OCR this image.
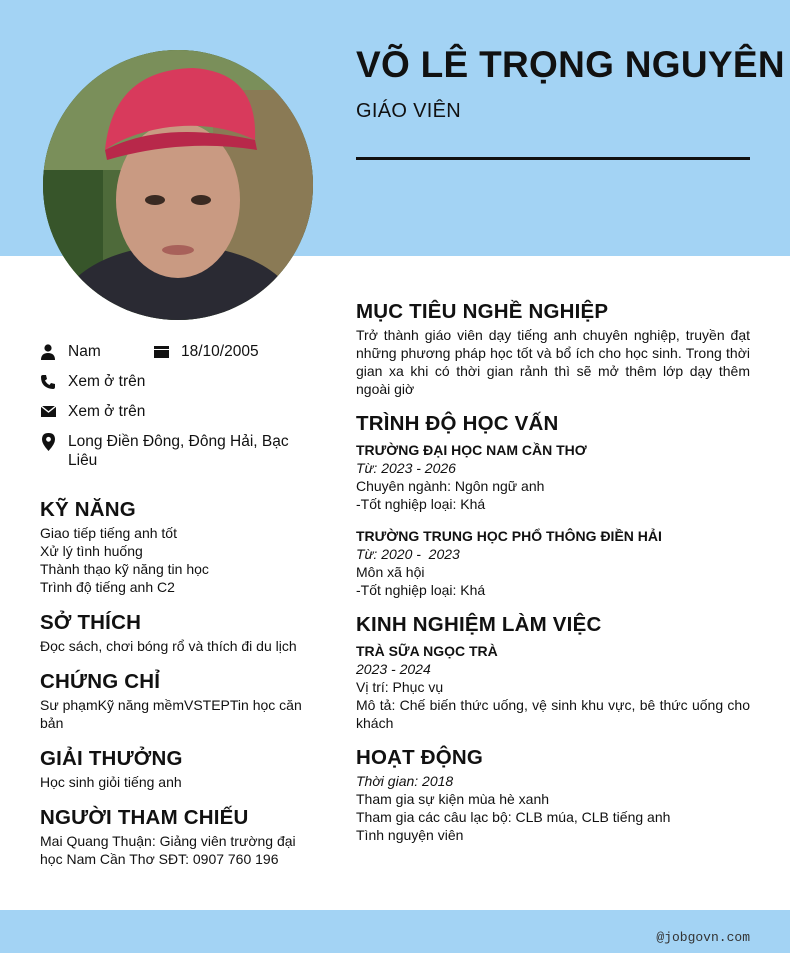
VÕ LÊ TRỌNG NGUYÊN
GIÁO VIÊN
Nam	18/10/2005
Xem ở trên
Xem ở trên
Long Điền Đông, Đông Hải, Bạc Liêu
KỸ NĂNG

Giao tiếp tiếng anh tốt

Xử lý tình huống

Thành thạo kỹ năng tin học

Trình độ tiếng anh C2

SỞ THÍCH

Đọc sách, chơi bóng rổ và thích đi du lịch

CHỨNG CHỈ

Sư phạmKỹ năng mềmVSTEPTin học căn bản

GIẢI THƯỞNG

Học sinh giỏi tiếng anh

NGƯỜI THAM CHIẾU

Mai Quang Thuận: Giảng viên trường đại học Nam Cần Thơ SĐT: 0907 760 196

MỤC TIÊU NGHỀ NGHIỆP

Trở thành giáo viên dạy tiếng anh chuyên nghiệp, truyền đạt những phương pháp học tốt và bổ ích cho học sinh. Trong thời gian xa khi có thời gian rảnh thì sẽ mở thêm lớp dạy thêm ngoài giờ

TRÌNH ĐỘ HỌC VẤN
TRƯỜNG ĐẠI HỌC NAM CẦN THƠ
Từ: 2023 - 2026

Chuyên ngành: Ngôn ngữ anh

-Tốt nghiệp loại: Khá

TRƯỜNG TRUNG HỌC PHỔ THÔNG ĐIỀN HẢI
Từ: 2020 -  2023

Môn xã hội

-Tốt nghiệp loại: Khá

KINH NGHIỆM LÀM VIỆC
TRÀ SỮA NGỌC TRÀ
2023 - 2024

Vị trí: Phục vụ

Mô tả: Chế biến thức uống, vệ sinh khu vực, bê thức uống cho khách

HOẠT ĐỘNG
Thời gian: 2018

Tham gia sự kiện mùa hè xanh

Tham gia các câu lạc bộ: CLB múa, CLB tiếng anh

Tình nguyện viên

@jobgovn.com
